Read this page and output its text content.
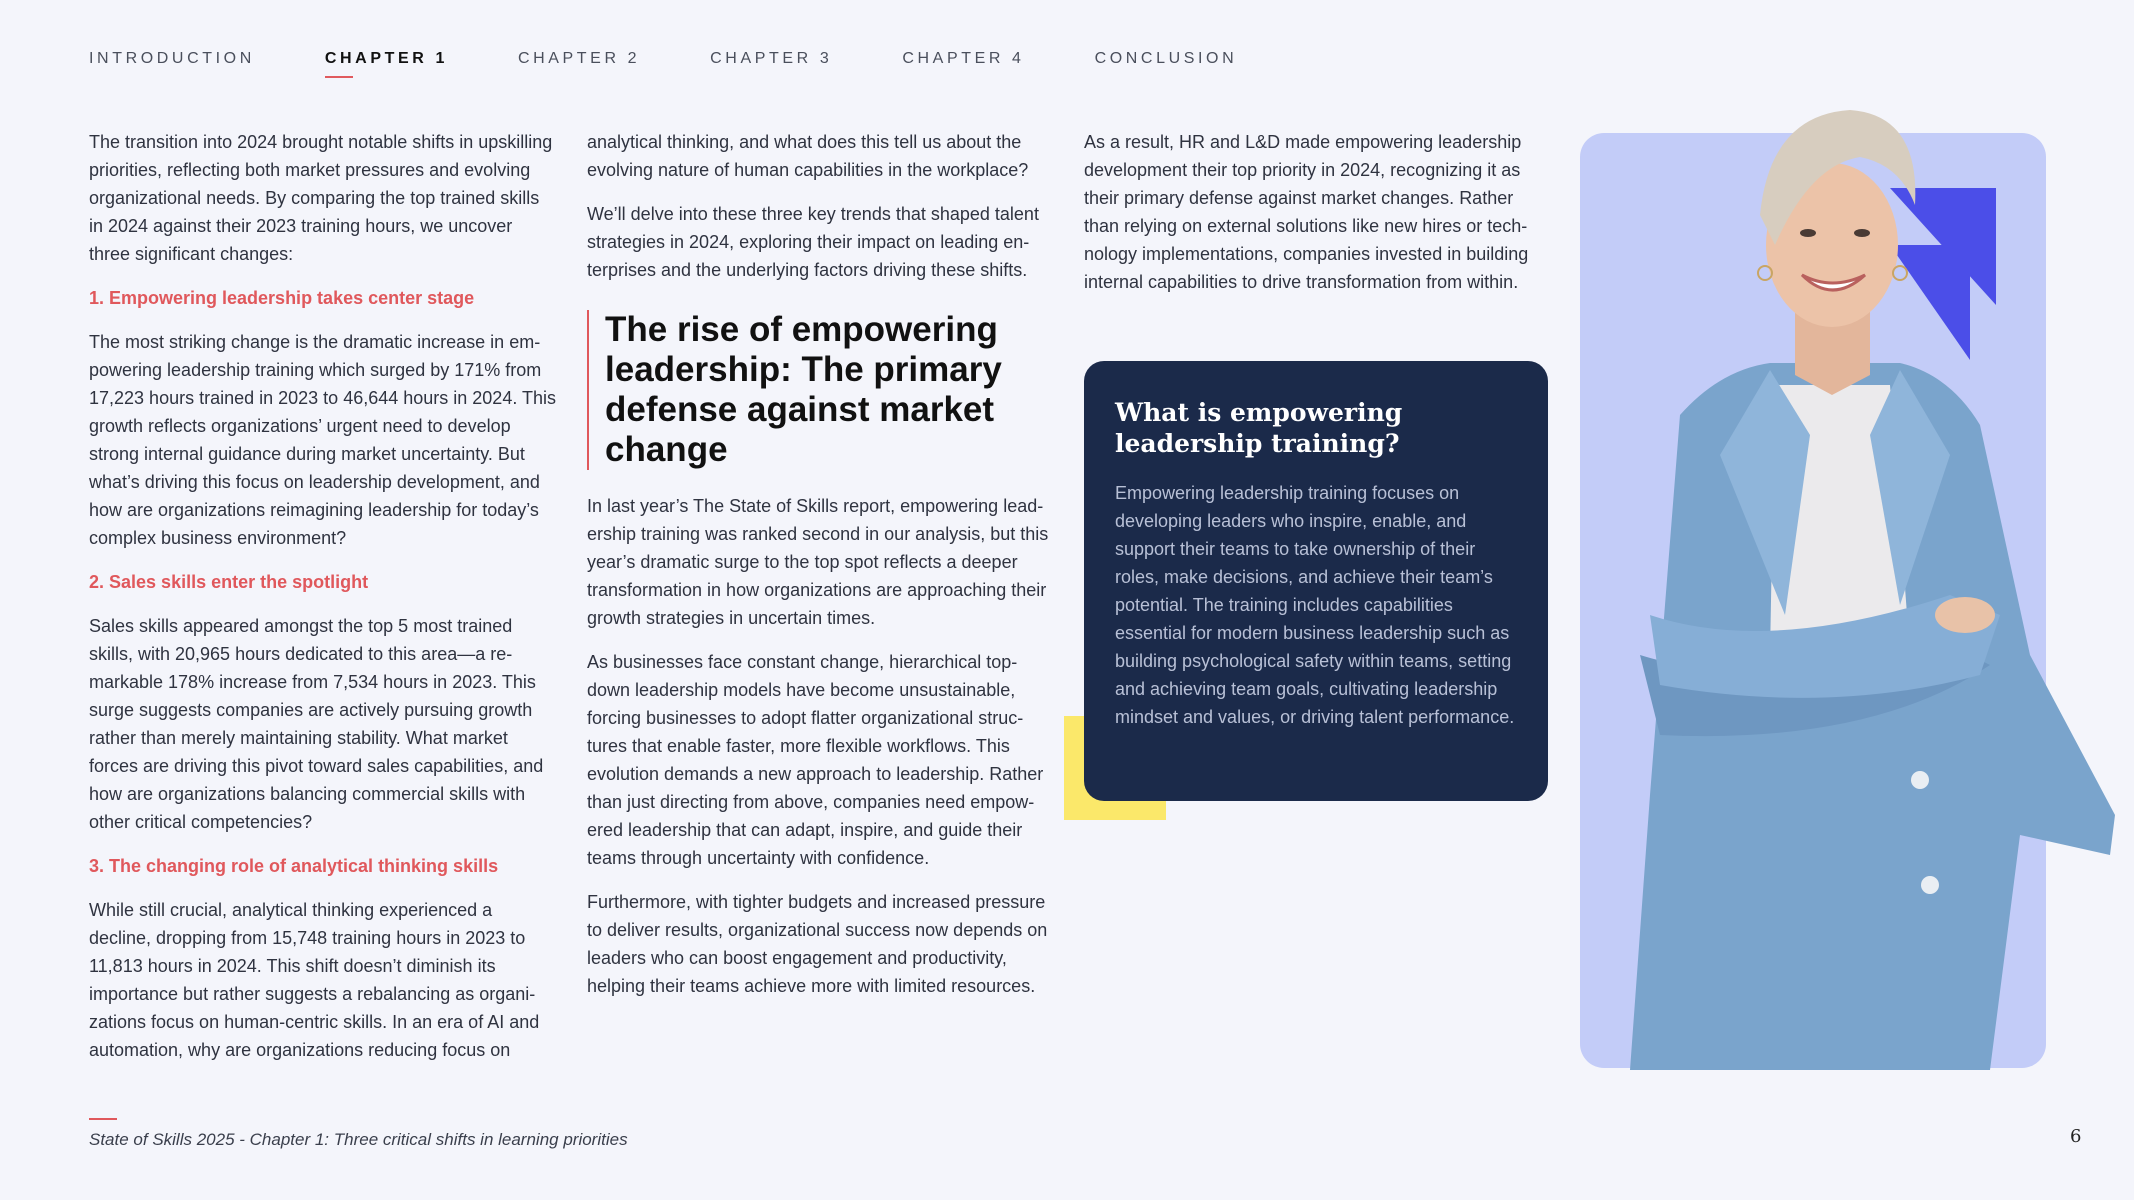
INTRODUCTION	CHAPTER 1	CHAPTER 2	CHAPTER 3	CHAPTER 4	CONCLUSION

The transition into 2024 brought notable shifts in upskilling priorities, reflecting both market pressures and evolving organizational needs. By comparing the top trained skills in 2024 against their 2023 training hours, we uncover three significant changes:

1. Empowering leadership takes center stage

The most striking change is the dramatic increase in empowering leadership training which surged by 171% from 17,223 hours trained in 2023 to 46,644 hours in 2024. This growth reflects organizations’ urgent need to develop strong internal guidance during market uncertainty. But what’s driving this focus on leadership development, and how are organizations reimagining leadership for today’s complex business environment?

2. Sales skills enter the spotlight

Sales skills appeared amongst the top 5 most trained skills, with 20,965 hours dedicated to this area—a remarkable 178% increase from 7,534 hours in 2023. This surge suggests companies are actively pursuing growth rather than merely maintaining stability. What market forces are driving this pivot toward sales capabilities, and how are organizations balancing commercial skills with other critical competencies?

3. The changing role of analytical thinking skills

While still crucial, analytical thinking experienced a decline, dropping from 15,748 training hours in 2023 to 11,813 hours in 2024. This shift doesn’t diminish its importance but rather suggests a rebalancing as organizations focus on human-centric skills. In an era of AI and automation, why are organizations reducing focus on

analytical thinking, and what does this tell us about the evolving nature of human capabilities in the workplace?

We’ll delve into these three key trends that shaped talent strategies in 2024, exploring their impact on leading enterprises and the underlying factors driving these shifts.

The rise of empowering leadership: The primary defense against market change

In last year’s The State of Skills report, empowering leadership training was ranked second in our analysis, but this year’s dramatic surge to the top spot reflects a deeper transformation in how organizations are approaching their growth strategies in uncertain times.

As businesses face constant change, hierarchical top-down leadership models have become unsustainable, forcing businesses to adopt flatter organizational structures that enable faster, more flexible workflows. This evolution demands a new approach to leadership. Rather than just directing from above, companies need empowered leadership that can adapt, inspire, and guide their teams through uncertainty with confidence.

Furthermore, with tighter budgets and increased pressure to deliver results, organizational success now depends on leaders who can boost engagement and productivity, helping their teams achieve more with limited resources.

As a result, HR and L&D made empowering leadership development their top priority in 2024, recognizing it as their primary defense against market changes. Rather than relying on external solutions like new hires or technology implementations, companies invested in building internal capabilities to drive transformation from within.

What is empowering leadership training?

Empowering leadership training focuses on developing leaders who inspire, enable, and support their teams to take ownership of their roles, make decisions, and achieve their team’s potential. The training includes capabilities essential for modern business leadership such as building psychological safety within teams, setting and achieving team goals, cultivating leadership mindset and values, or driving talent performance.

State of Skills 2025 - Chapter 1: Three critical shifts in learning priorities	6
